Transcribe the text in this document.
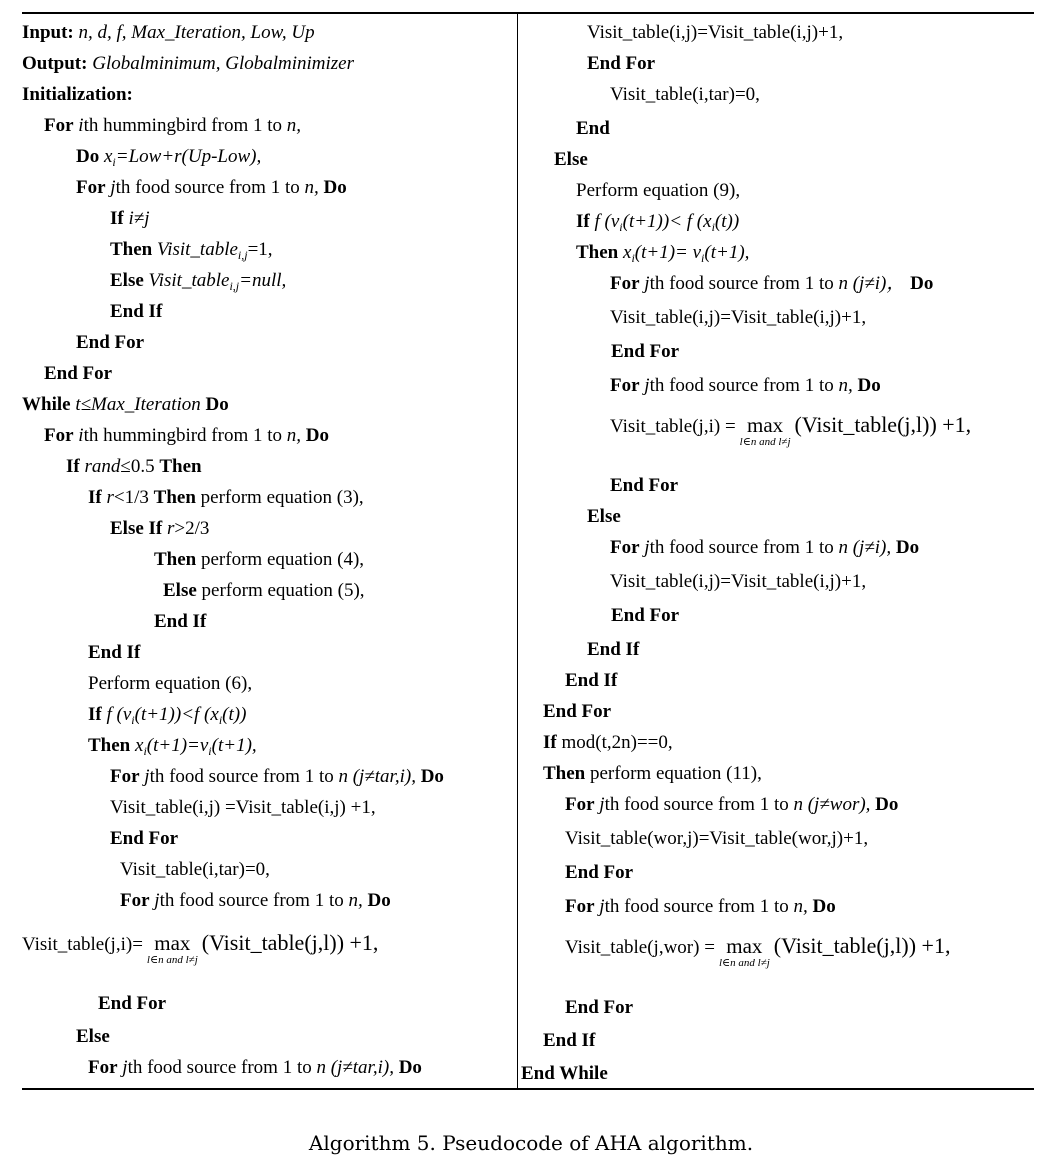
Input: n, d, f, Max_Iteration, Low, Up
Output: Globalminimum, Globalminimizer
Initialization:
For ith hummingbird from 1 to n,
Do $x_i=Low+r(Up-Low)$,
For jth food source from 1 to n, Do
If i≠j
Then Visit_table$_{i,j}$=1,
Else Visit_table$_{i,j}$=null,
End If
End For
End For
While t≤Max_Iteration Do
For ith hummingbird from 1 to n, Do
If rand≤0.5 Then
If r<1/3 Then perform equation (3),
Else If r>2/3
Then perform equation (4),
Else perform equation (5),
End If
End If
Perform equation (6),
If f $(v_i(t+1))<f$ $(x_i(t))$
Then $x_i(t+1)=v_i(t+1)$,
For jth food source from 1 to n (j≠tar,i), Do
Visit_table(i,j) =Visit_table(i,j) +1,
End For
Visit_table(i,tar)=0,
For jth food source from 1 to n, Do
Visit_table(j,i)= max
l∈n and l≠j
(Visit_table(j,l)) +1,
End For
Else
For jth food source from 1 to n (j≠tar,i), Do
Visit_table(i,j)=Visit_table(i,j)+1,
End For
Visit_table(i,tar)=0,
End
Else
Perform equation (9),
If f $(v_i(t+1))< f$ $(x_i(t))$
Then $x_i(t+1)= v_i(t+1)$,
For jth food source from 1 to n (j≠i)， Do
Visit_table(i,j)=Visit_table(i,j)+1,
End For
For jth food source from 1 to n, Do
Visit_table(j,i) = max
l∈n and l≠j
(Visit_table(j,l)) +1,
End For
Else
For jth food source from 1 to n (j≠i), Do
Visit_table(i,j)=Visit_table(i,j)+1,
End For
End If
End If
End For
If mod(t,2n)==0,
Then perform equation (11),
For jth food source from 1 to n (j≠wor), Do
Visit_table(wor,j)=Visit_table(wor,j)+1,
End For
For jth food source from 1 to n, Do
Visit_table(j,wor) = max
l∈n and l≠j
(Visit_table(j,l)) +1,
End For
End If
End While
Algorithm 5. Pseudocode of AHA algorithm.
